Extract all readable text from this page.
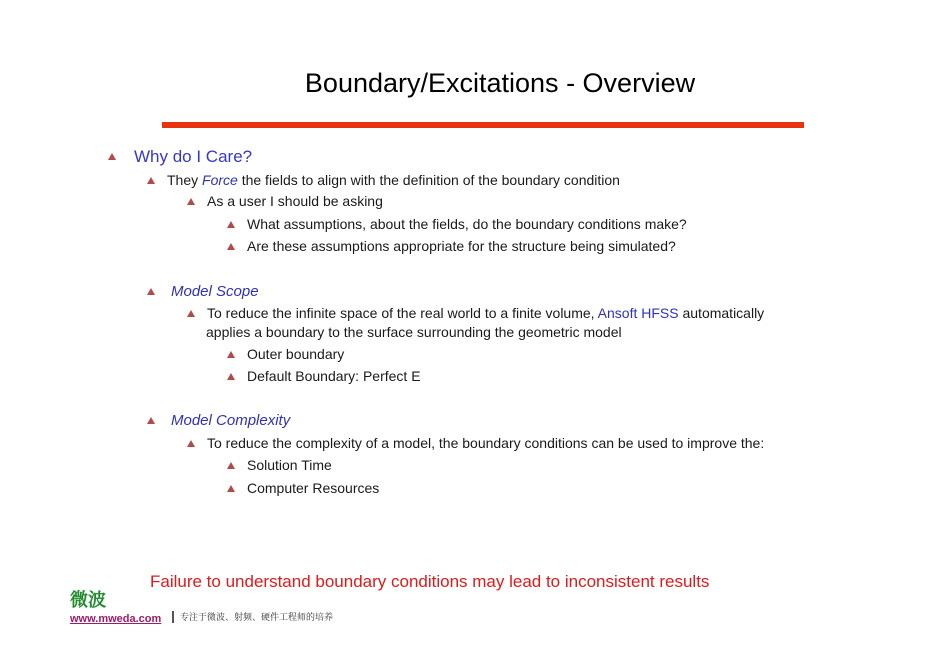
Boundary/Excitations - Overview
Why do I Care?
They Force the fields to align with the definition of the boundary condition
As a user I should be asking
What assumptions, about the fields, do the boundary conditions make?
Are these assumptions appropriate for the structure being simulated?
Model Scope
To reduce the infinite space of the real world to a finite volume, Ansoft HFSS automatically
applies a boundary to the surface surrounding the geometric model
Outer boundary
Default Boundary: Perfect E
Model Complexity
To reduce the complexity of a model, the boundary conditions can be used to improve the:
Solution Time
Computer Resources
Failure to understand boundary conditions may lead to inconsistent results
微波
www.mweda.com 专注于微波、射频、硬件工程师的培养
